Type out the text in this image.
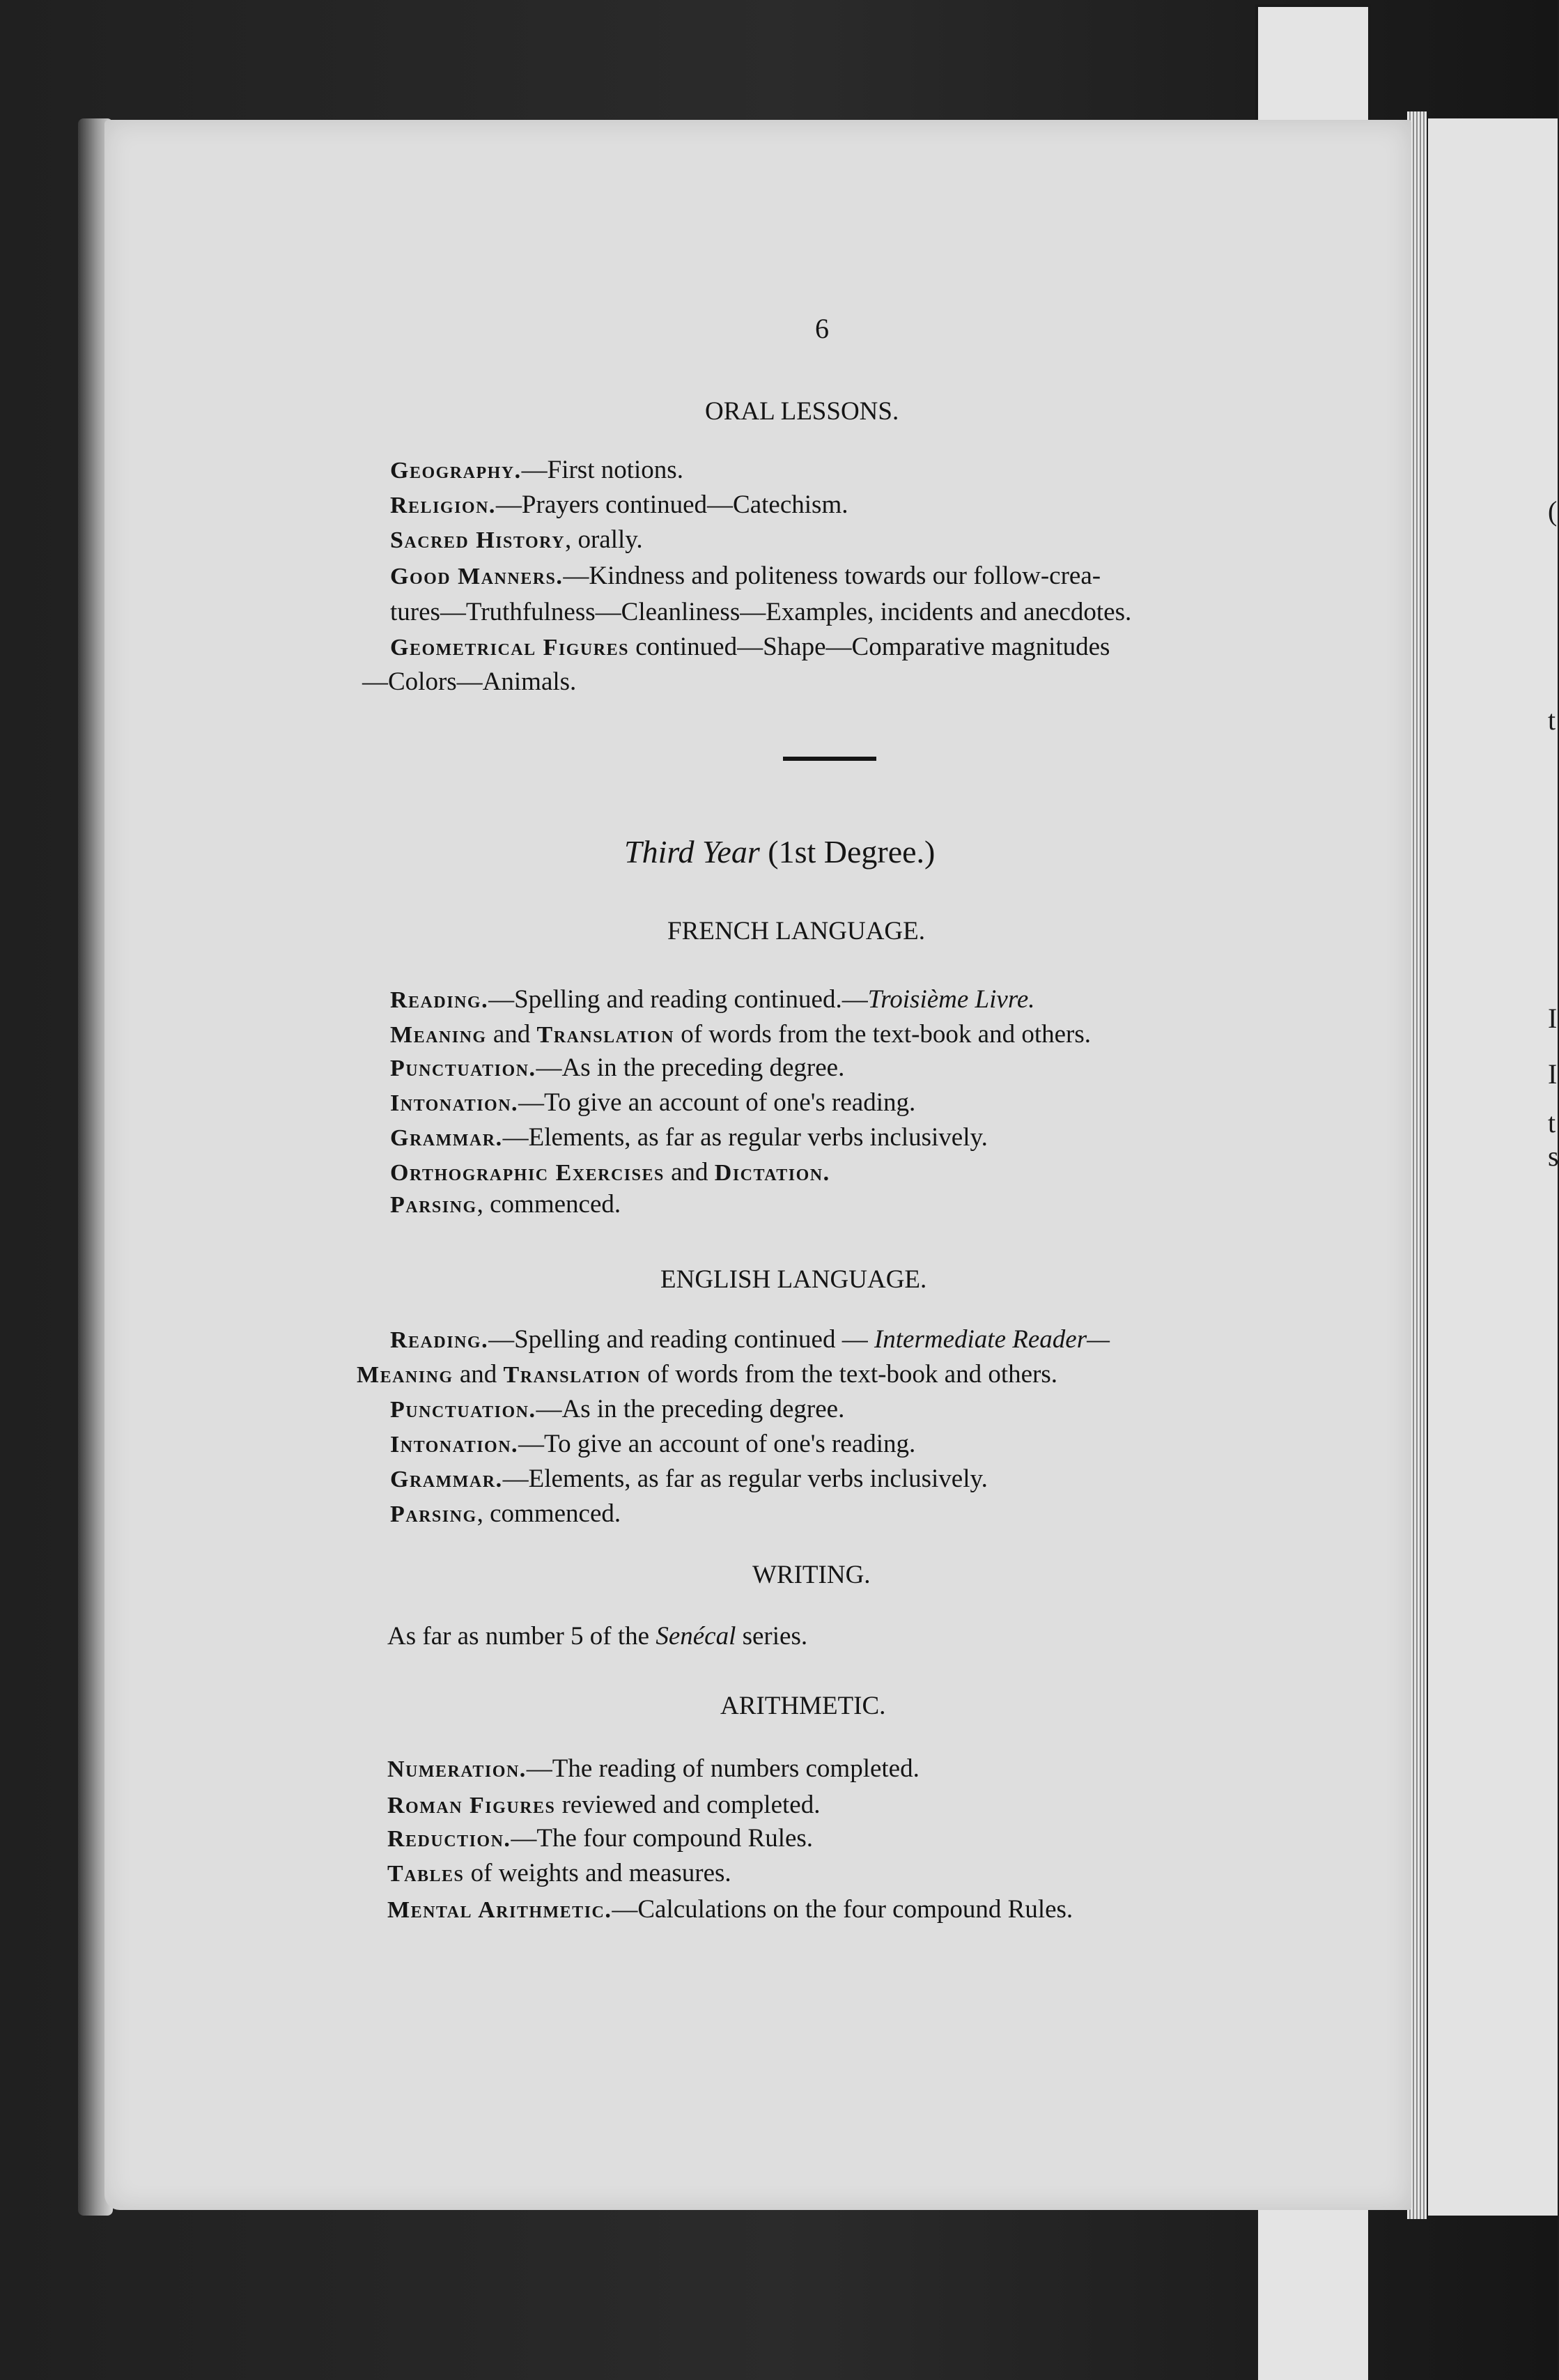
(
t
I
I
t
s
6
ORAL LESSONS.
Geography.—First notions.
Religion.—Prayers continued—Catechism.
Sacred History, orally.
Good Manners.—Kindness and politeness towards our follow-crea-
tures—Truthfulness—Cleanliness—Examples, incidents and anecdotes.
Geometrical Figures continued—Shape—Comparative magnitudes
—Colors—Animals.
Third Year (1st Degree.)
FRENCH LANGUAGE.
Reading.—Spelling and reading continued.—Troisième Livre.
Meaning and Translation of words from the text-book and others.
Punctuation.—As in the preceding degree.
Intonation.—To give an account of one's reading.
Grammar.—Elements, as far as regular verbs inclusively.
Orthographic Exercises and Dictation.
Parsing, commenced.
ENGLISH LANGUAGE.
Reading.—Spelling and reading continued — Intermediate Reader—
Meaning and Translation of words from the text-book and others.
Punctuation.—As in the preceding degree.
Intonation.—To give an account of one's reading.
Grammar.—Elements, as far as regular verbs inclusively.
Parsing, commenced.
WRITING.
As far as number 5 of the Senécal series.
ARITHMETIC.
Numeration.—The reading of numbers completed.
Roman Figures reviewed and completed.
Reduction.—The four compound Rules.
Tables of weights and measures.
Mental Arithmetic.—Calculations on the four compound Rules.
